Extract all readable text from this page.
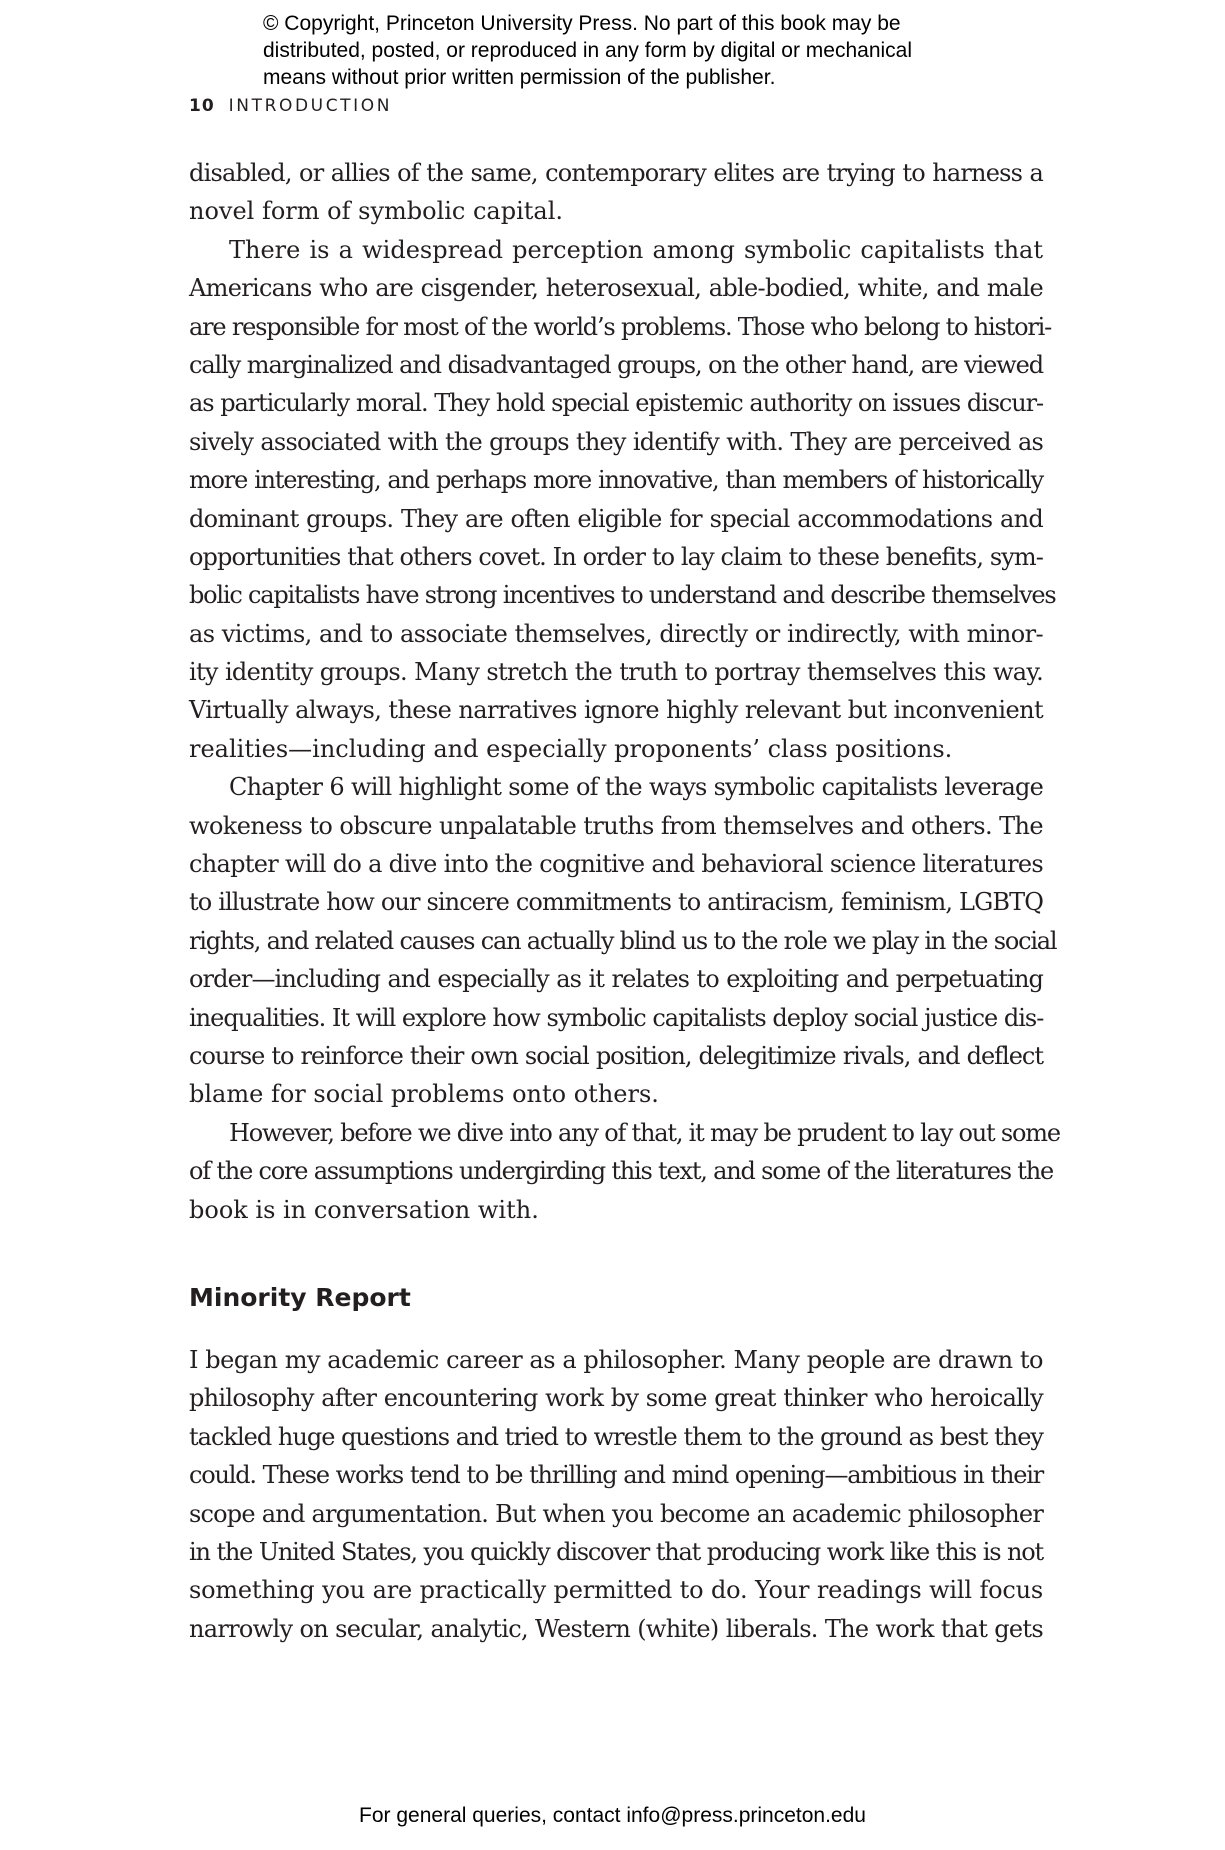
© Copyright, Princeton University Press. No part of this book may be
distributed, posted, or reproduced in any form by digital or mechanical
means without prior written permission of the publisher.
10 INTRODUCTION
disabled, or allies of the same, contemporary elites are trying to harness a
novel form of symbolic capital.
There is a widespread perception among symbolic capitalists that
Americans who are cisgender, heterosexual, able-bodied, white, and male
are responsible for most of the world’s problems. Those who belong to histori-
cally marginalized and disadvantaged groups, on the other hand, are viewed
as particularly moral. They hold special epistemic authority on issues discur-
sively associated with the groups they identify with. They are perceived as
more interesting, and perhaps more innovative, than members of historically
dominant groups. They are often eligible for special accommodations and
opportunities that others covet. In order to lay claim to these benefits, sym-
bolic capitalists have strong incentives to understand and describe themselves
as victims, and to associate themselves, directly or indirectly, with minor-
ity identity groups. Many stretch the truth to portray themselves this way.
Virtually always, these narratives ignore highly relevant but inconvenient
realities—including and especially proponents’ class positions.
Chapter 6 will highlight some of the ways symbolic capitalists leverage
wokeness to obscure unpalatable truths from themselves and others. The
chapter will do a dive into the cognitive and behavioral science literatures
to illustrate how our sincere commitments to antiracism, feminism, LGBTQ
rights, and related causes can actually blind us to the role we play in the social
order—including and especially as it relates to exploiting and perpetuating
inequalities. It will explore how symbolic capitalists deploy social justice dis-
course to reinforce their own social position, delegitimize rivals, and deflect
blame for social problems onto others.
However, before we dive into any of that, it may be prudent to lay out some
of the core assumptions undergirding this text, and some of the literatures the
book is in conversation with.
Minority Report
I began my academic career as a philosopher. Many people are drawn to
philosophy after encountering work by some great thinker who heroically
tackled huge questions and tried to wrestle them to the ground as best they
could. These works tend to be thrilling and mind opening—ambitious in their
scope and argumentation. But when you become an academic philosopher
in the United States, you quickly discover that producing work like this is not
something you are practically permitted to do. Your readings will focus
narrowly on secular, analytic, Western (white) liberals. The work that gets
For general queries, contact info@press.princeton.edu
